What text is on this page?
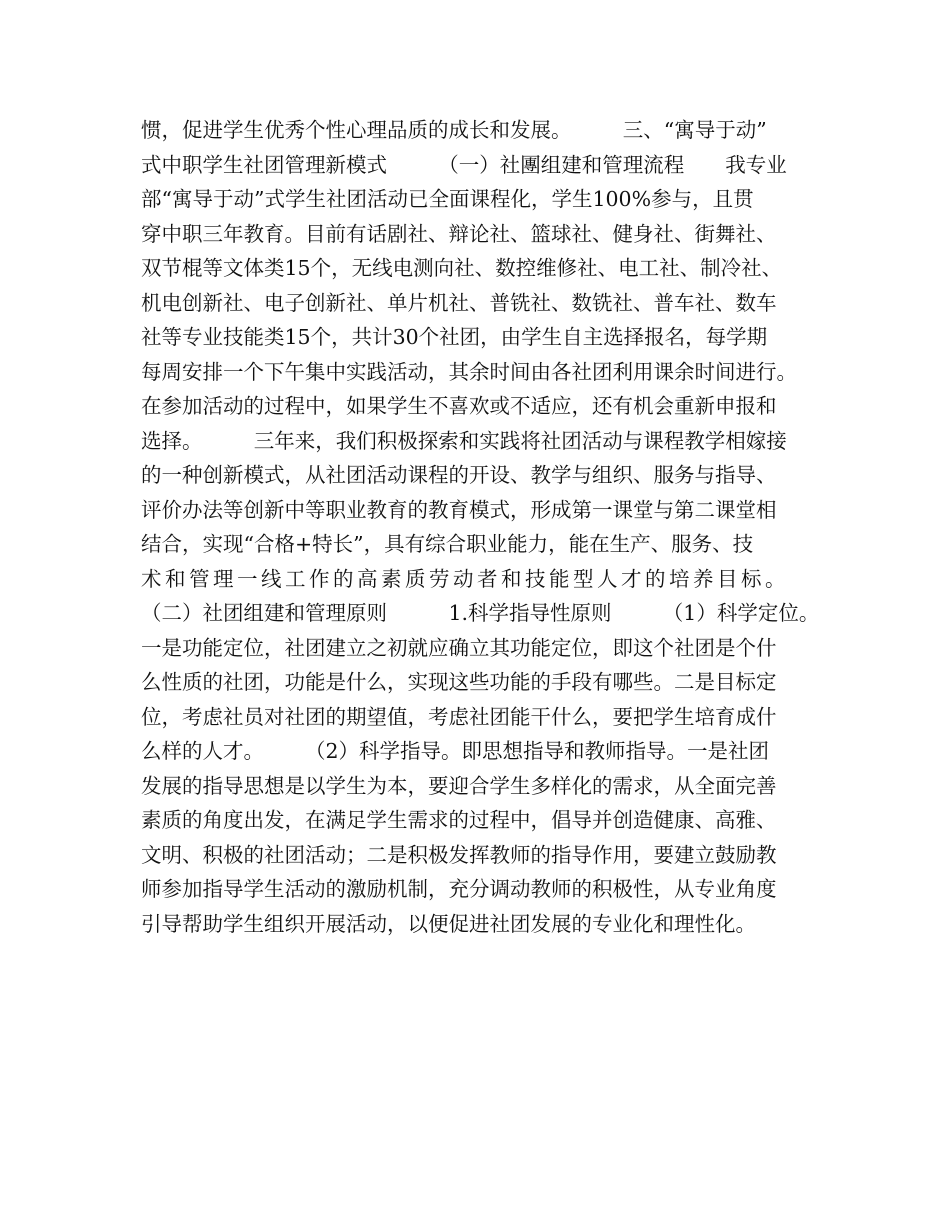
惯，促进学生优秀个性心理品质的成长和发展。　　　三、“寓导于动”
式中职学生社团管理新模式　　　（一）社團组建和管理流程　　我专业
部“寓导于动”式学生社团活动已全面课程化，学生100%参与，且贯
穿中职三年教育。目前有话剧社、辩论社、篮球社、健身社、街舞社、
双节棍等文体类15个，无线电测向社、数控维修社、电工社、制冷社、
机电创新社、电子创新社、单片机社、普铣社、数铣社、普车社、数车
社等专业技能类15个，共计30个社团，由学生自主选择报名，每学期
每周安排一个下午集中实践活动，其余时间由各社团利用课余时间进行。
在参加活动的过程中，如果学生不喜欢或不适应，还有机会重新申报和
选择。　　　三年来，我们积极探索和实践将社团活动与课程教学相嫁接
的一种创新模式，从社团活动课程的开设、教学与组织、服务与指导、
评价办法等创新中等职业教育的教育模式，形成第一课堂与第二课堂相
结合，实现“合格+特长”，具有综合职业能力，能在生产、服务、技
术和管理一线工作的高素质劳动者和技能型人才的培养目标。
（二）社团组建和管理原则　　　1.科学指导性原则　　　（1）科学定位。
一是功能定位，社团建立之初就应确立其功能定位，即这个社团是个什
么性质的社团，功能是什么，实现这些功能的手段有哪些。二是目标定
位，考虑社员对社团的期望值，考虑社团能干什么，要把学生培育成什
么样的人才。　　　（2）科学指导。即思想指导和教师指导。一是社团
发展的指导思想是以学生为本，要迎合学生多样化的需求，从全面完善
素质的角度出发，在满足学生需求的过程中，倡导并创造健康、高雅、
文明、积极的社团活动；二是积极发挥教师的指导作用，要建立鼓励教
师参加指导学生活动的激励机制，充分调动教师的积极性，从专业角度
引导帮助学生组织开展活动，以便促进社团发展的专业化和理性化。
